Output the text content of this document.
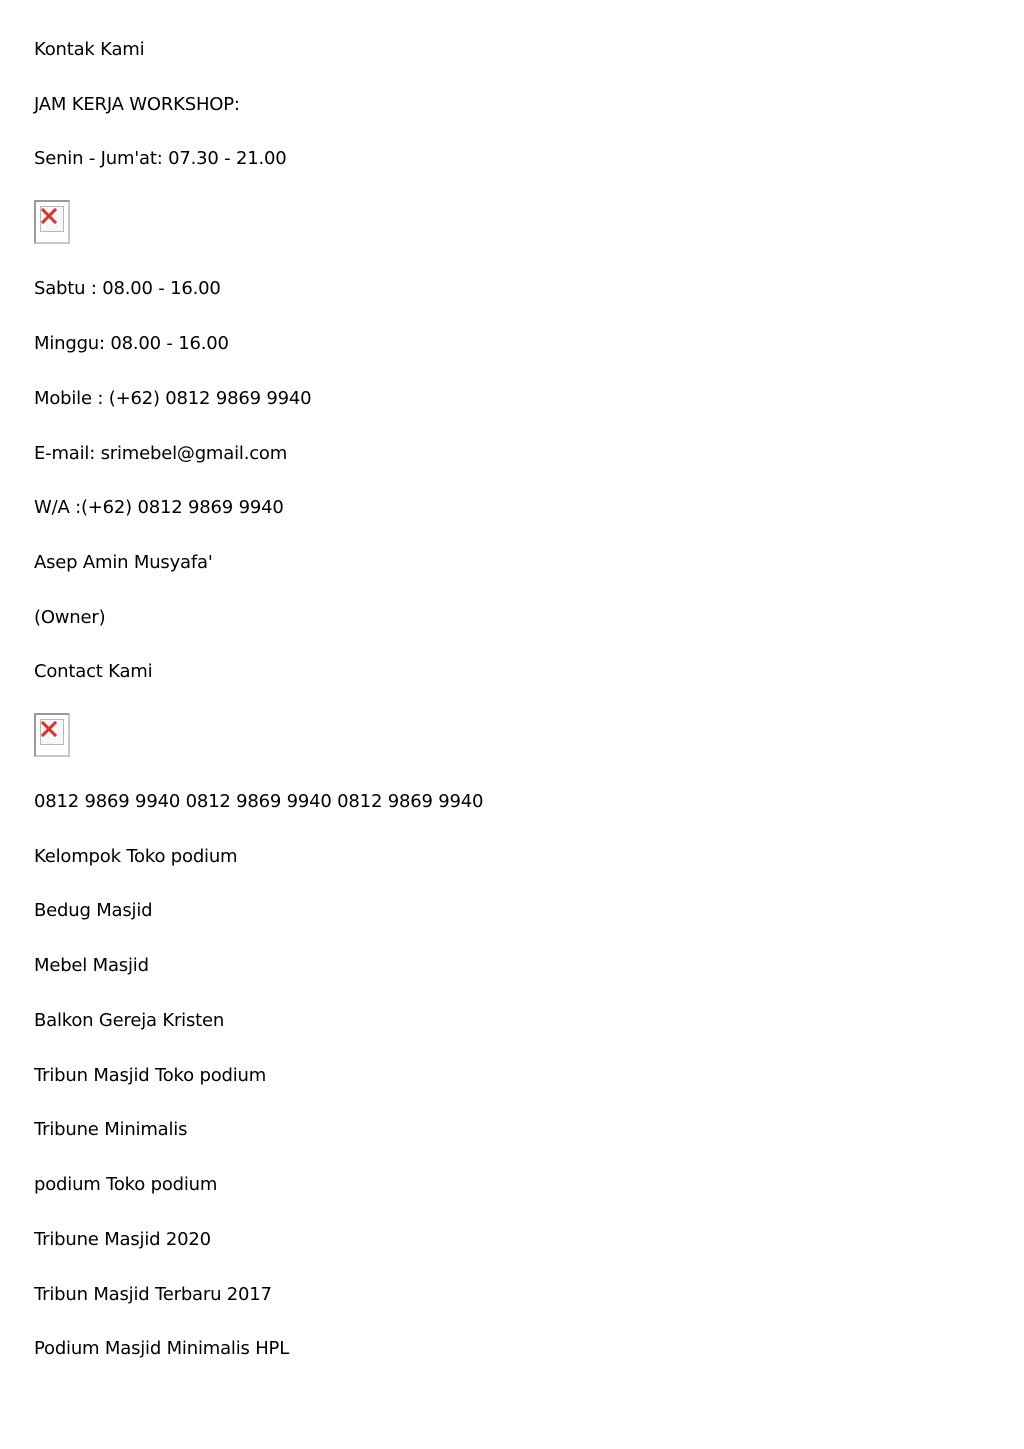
Kontak Kami
JAM KERJA WORKSHOP:
Senin - Jum'at: 07.30 - 21.00
Sabtu : 08.00 - 16.00
Minggu: 08.00 - 16.00
Mobile : (+62) 0812 9869 9940
E-mail: srimebel@gmail.com
W/A :(+62) 0812 9869 9940
Asep Amin Musyafa'
(Owner)
Contact Kami
0812 9869 9940 0812 9869 9940 0812 9869 9940
Kelompok Toko podium
Bedug Masjid
Mebel Masjid
Balkon Gereja Kristen
Tribun Masjid Toko podium
Tribune Minimalis
podium Toko podium
Tribune Masjid 2020
Tribun Masjid Terbaru 2017
Podium Masjid Minimalis HPL
